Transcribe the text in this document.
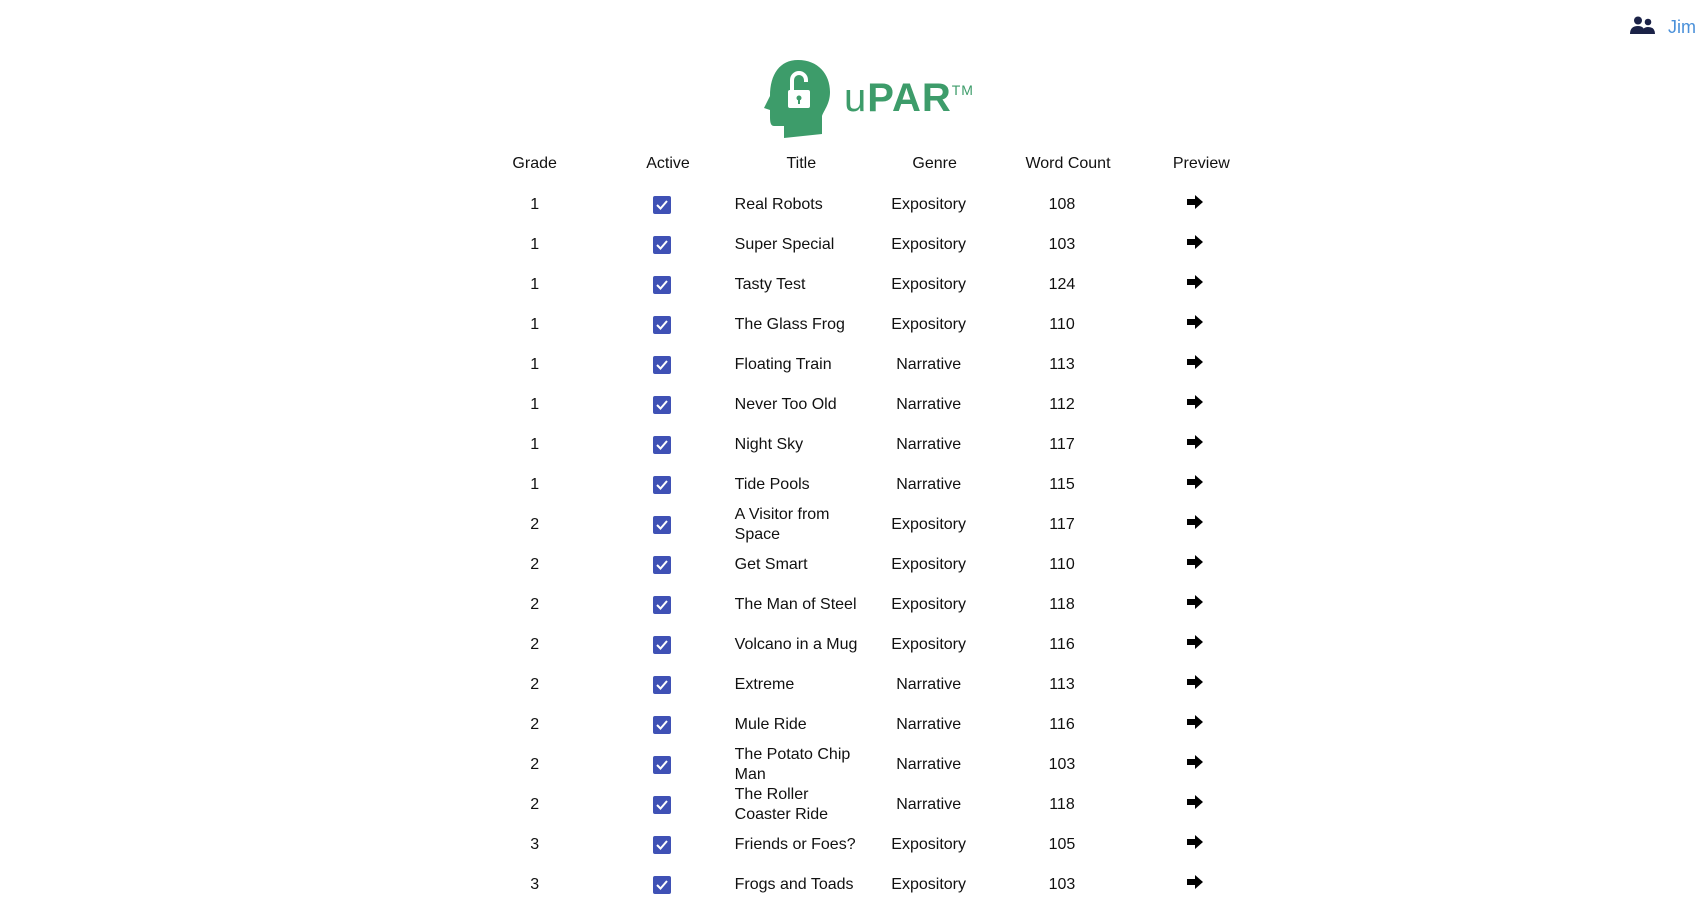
Jim
uPAR™
Grade	Active	Title	Genre	Word Count	Preview
1		Real Robots	Expository	108	
1		Super Special	Expository	103	
1		Tasty Test	Expository	124	
1		The Glass Frog	Expository	110	
1		Floating Train	Narrative	113	
1		Never Too Old	Narrative	112	
1		Night Sky	Narrative	117	
1		Tide Pools	Narrative	115	
2		A Visitor from Space	Expository	117	
2		Get Smart	Expository	110	
2		The Man of Steel	Expository	118	
2		Volcano in a Mug	Expository	116	
2		Extreme	Narrative	113	
2		Mule Ride	Narrative	116	
2		The Potato Chip Man	Narrative	103	
2		The Roller Coaster Ride	Narrative	118	
3		Friends or Foes?	Expository	105	
3		Frogs and Toads	Expository	103	
